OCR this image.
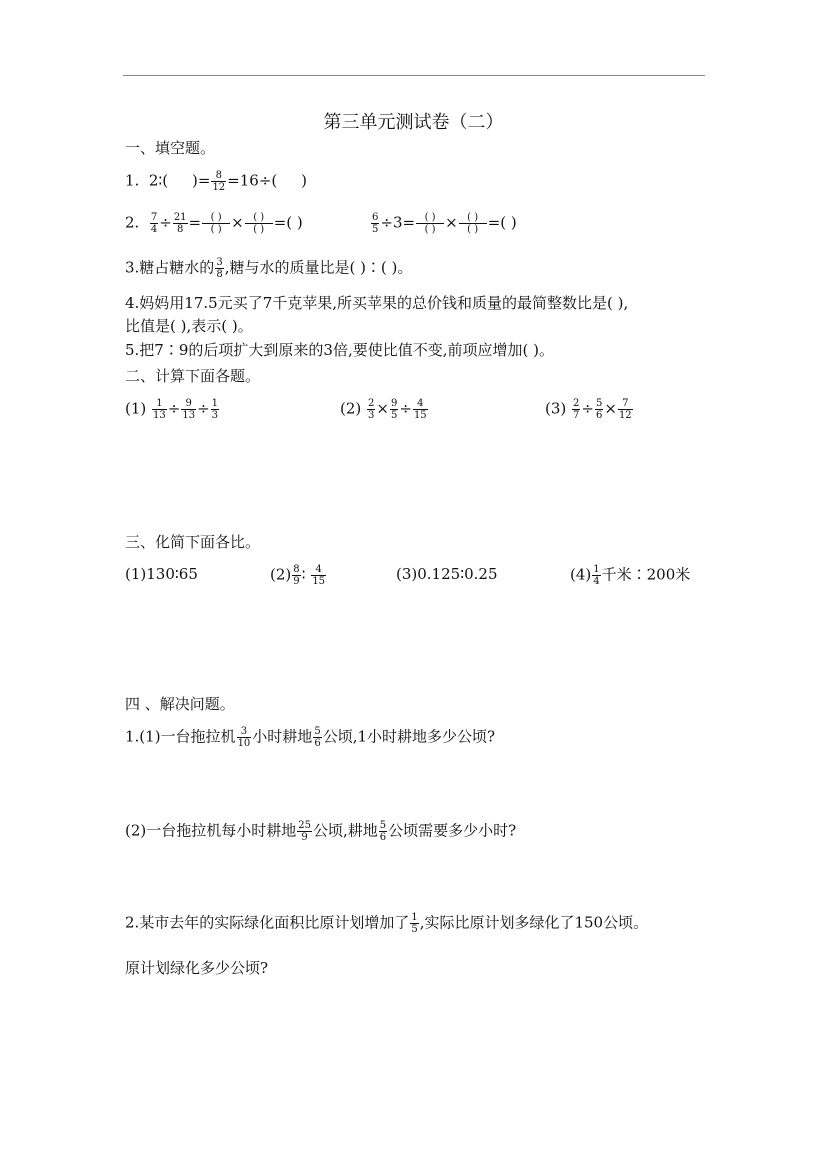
第三单元测试卷（二）
一、填空题。
1. 2∶( )= $\frac{8}{12} =16\div$( )
2. $\frac{7}{4} \div \frac{21}{8} = \frac{( )}{( )} \times \frac{( )}{( )}$ =( )	$\frac{6}{5} \div 3= \frac{( )}{( )} \times \frac{( )}{( )}$ =( )
3.糖占糖水的 $\frac{3}{8}$ ,糖与水的质量比是( )∶( )。
4.妈妈用17.5元买了7千克苹果,所买苹果的总价钱和质量的最简整数比是( ),
比值是( ),表示( )。
5.把7∶9的后项扩大到原来的3倍,要使比值不变,前项应增加( )。
二、计算下面各题。
$(1) \frac{1}{13} \div \frac{9}{13} \div \frac{1}{3}$	$(2) \frac{2}{3} \times \frac{9}{5} \div \frac{4}{15}$	$(3) \frac{2}{7} \div \frac{5}{6} \times \frac{7}{12}$
三、化简下面各比。
(1)130∶65	$(2) \frac{8}{9}$ ∶ $\frac{4}{15}$	(3)0.125∶0.25	$(4) \frac{1}{4}$ 千米∶200米
四 、解决问题。
1.(1)一台拖拉机 $\frac{3}{10}$ 小时耕地 $\frac{5}{6}$ 公顷,1小时耕地多少公顷?
(2)一台拖拉机每小时耕地 $\frac{25}{9}$ 公顷,耕地 $\frac{5}{6}$ 公顷需要多少小时?
2.某市去年的实际绿化面积比原计划增加了 $\frac{1}{5}$ ,实际比原计划多绿化了150公顷。
原计划绿化多少公顷?
